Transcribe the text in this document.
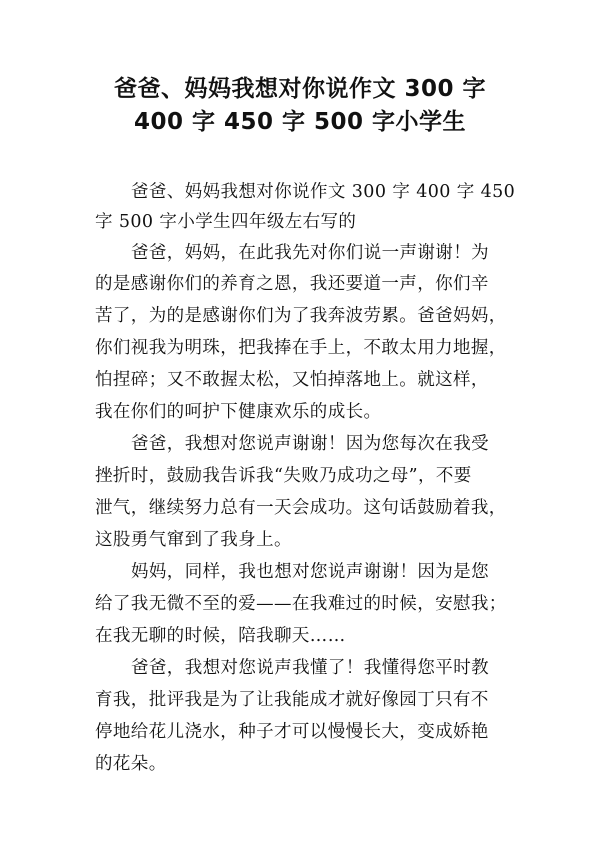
爸爸、妈妈我想对你说作文 300 字
400 字 450 字 500 字小学生
爸爸、妈妈我想对你说作文 300 字 400 字 450
字 500 字小学生四年级左右写的
爸爸，妈妈，在此我先对你们说一声谢谢！为
的是感谢你们的养育之恩，我还要道一声，你们辛
苦了，为的是感谢你们为了我奔波劳累。爸爸妈妈，
你们视我为明珠，把我捧在手上，不敢太用力地握，
怕捏碎；又不敢握太松，又怕掉落地上。就这样，
我在你们的呵护下健康欢乐的成长。
爸爸，我想对您说声谢谢！因为您每次在我受
挫折时，鼓励我告诉我“失败乃成功之母”，不要
泄气，继续努力总有一天会成功。这句话鼓励着我，
这股勇气窜到了我身上。
妈妈，同样，我也想对您说声谢谢！因为是您
给了我无微不至的爱——在我难过的时候，安慰我；
在我无聊的时候，陪我聊天……
爸爸，我想对您说声我懂了！我懂得您平时教
育我，批评我是为了让我能成才就好像园丁只有不
停地给花儿浇水，种子才可以慢慢长大，变成娇艳
的花朵。
